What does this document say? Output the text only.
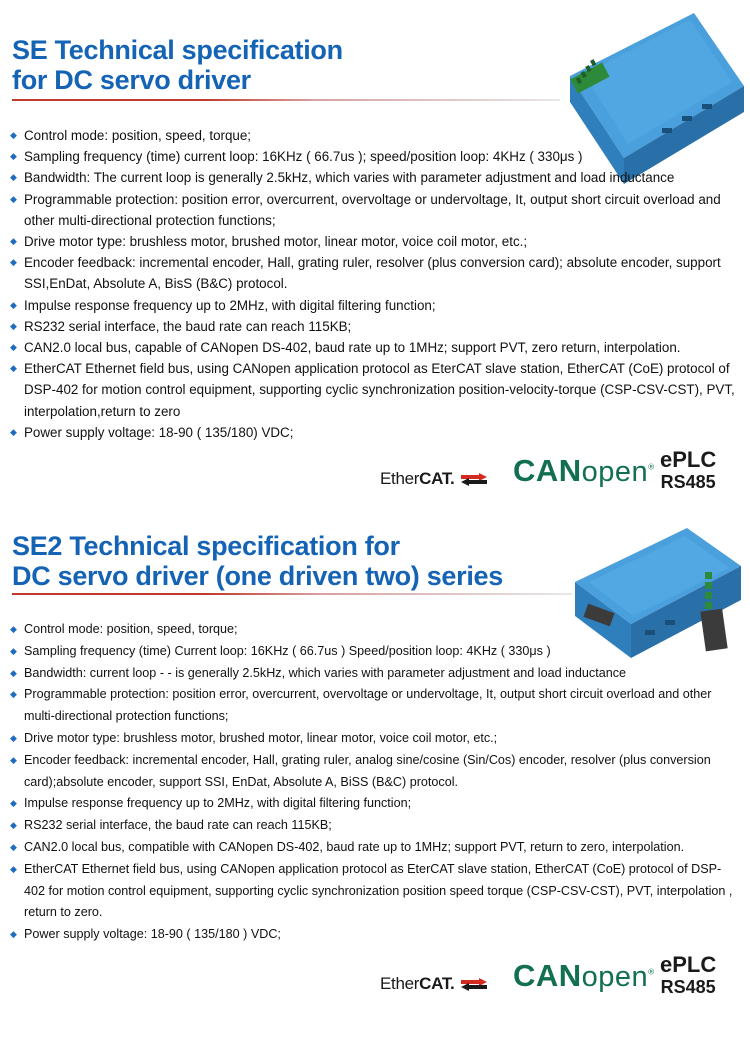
SE Technical specification
for DC servo driver
◆ Control mode: position, speed, torque;
◆ Sampling frequency (time) current loop: 16KHz ( 66.7us ); speed/position loop: 4KHz ( 330μs )
◆ Bandwidth: The current loop is generally 2.5kHz, which varies with parameter adjustment and load inductance
◆ Programmable protection: position error, overcurrent, overvoltage or undervoltage, It, output short circuit overload and other multi-directional protection functions;
◆ Drive motor type: brushless motor, brushed motor, linear motor, voice coil motor, etc.;
◆ Encoder feedback: incremental encoder, Hall, grating ruler, resolver (plus conversion card); absolute encoder, support SSI,EnDat, Absolute A, BisS (B&C) protocol.
◆ Impulse response frequency up to 2MHz, with digital filtering function;
◆ RS232 serial interface, the baud rate can reach 115KB;
◆ CAN2.0 local bus, capable of CANopen DS-402, baud rate up to 1MHz; support PVT, zero return, interpolation.
◆ EtherCAT Ethernet field bus, using CANopen application protocol as EterCAT slave station, EtherCAT (CoE) protocol of DSP-402 for motion control equipment, supporting cyclic synchronization position-velocity-torque (CSP-CSV-CST), PVT, interpolation,return to zero
◆ Power supply voltage: 18-90 ( 135/180) VDC;
EtherCAT.	CANopen® ePLC
RS485
SE2 Technical specification for
DC servo driver (one driven two) series
◆ Control mode: position, speed, torque;
◆ Sampling frequency (time) Current loop: 16KHz ( 66.7us ) Speed/position loop: 4KHz ( 330μs )
◆ Bandwidth: current loop - - is generally 2.5kHz, which varies with parameter adjustment and load inductance
◆ Programmable protection: position error, overcurrent, overvoltage or undervoltage, It, output short circuit overload and other multi-directional protection functions;
◆ Drive motor type: brushless motor, brushed motor, linear motor, voice coil motor, etc.;
◆ Encoder feedback: incremental encoder, Hall, grating ruler, analog sine/cosine (Sin/Cos) encoder, resolver (plus conversion card);absolute encoder, support SSI, EnDat, Absolute A, BiSS (B&C) protocol.
◆ Impulse response frequency up to 2MHz, with digital filtering function;
◆ RS232 serial interface, the baud rate can reach 115KB;
◆ CAN2.0 local bus, compatible with CANopen DS-402, baud rate up to 1MHz; support PVT, return to zero, interpolation.
◆ EtherCAT Ethernet field bus, using CANopen application protocol as EterCAT slave station, EtherCAT (CoE) protocol of DSP-402 for motion control equipment, supporting cyclic synchronization position speed torque (CSP-CSV-CST), PVT, interpolation , return to zero.
◆ Power supply voltage: 18-90 ( 135/180 ) VDC;
EtherCAT.	CANopen® ePLC
RS485
